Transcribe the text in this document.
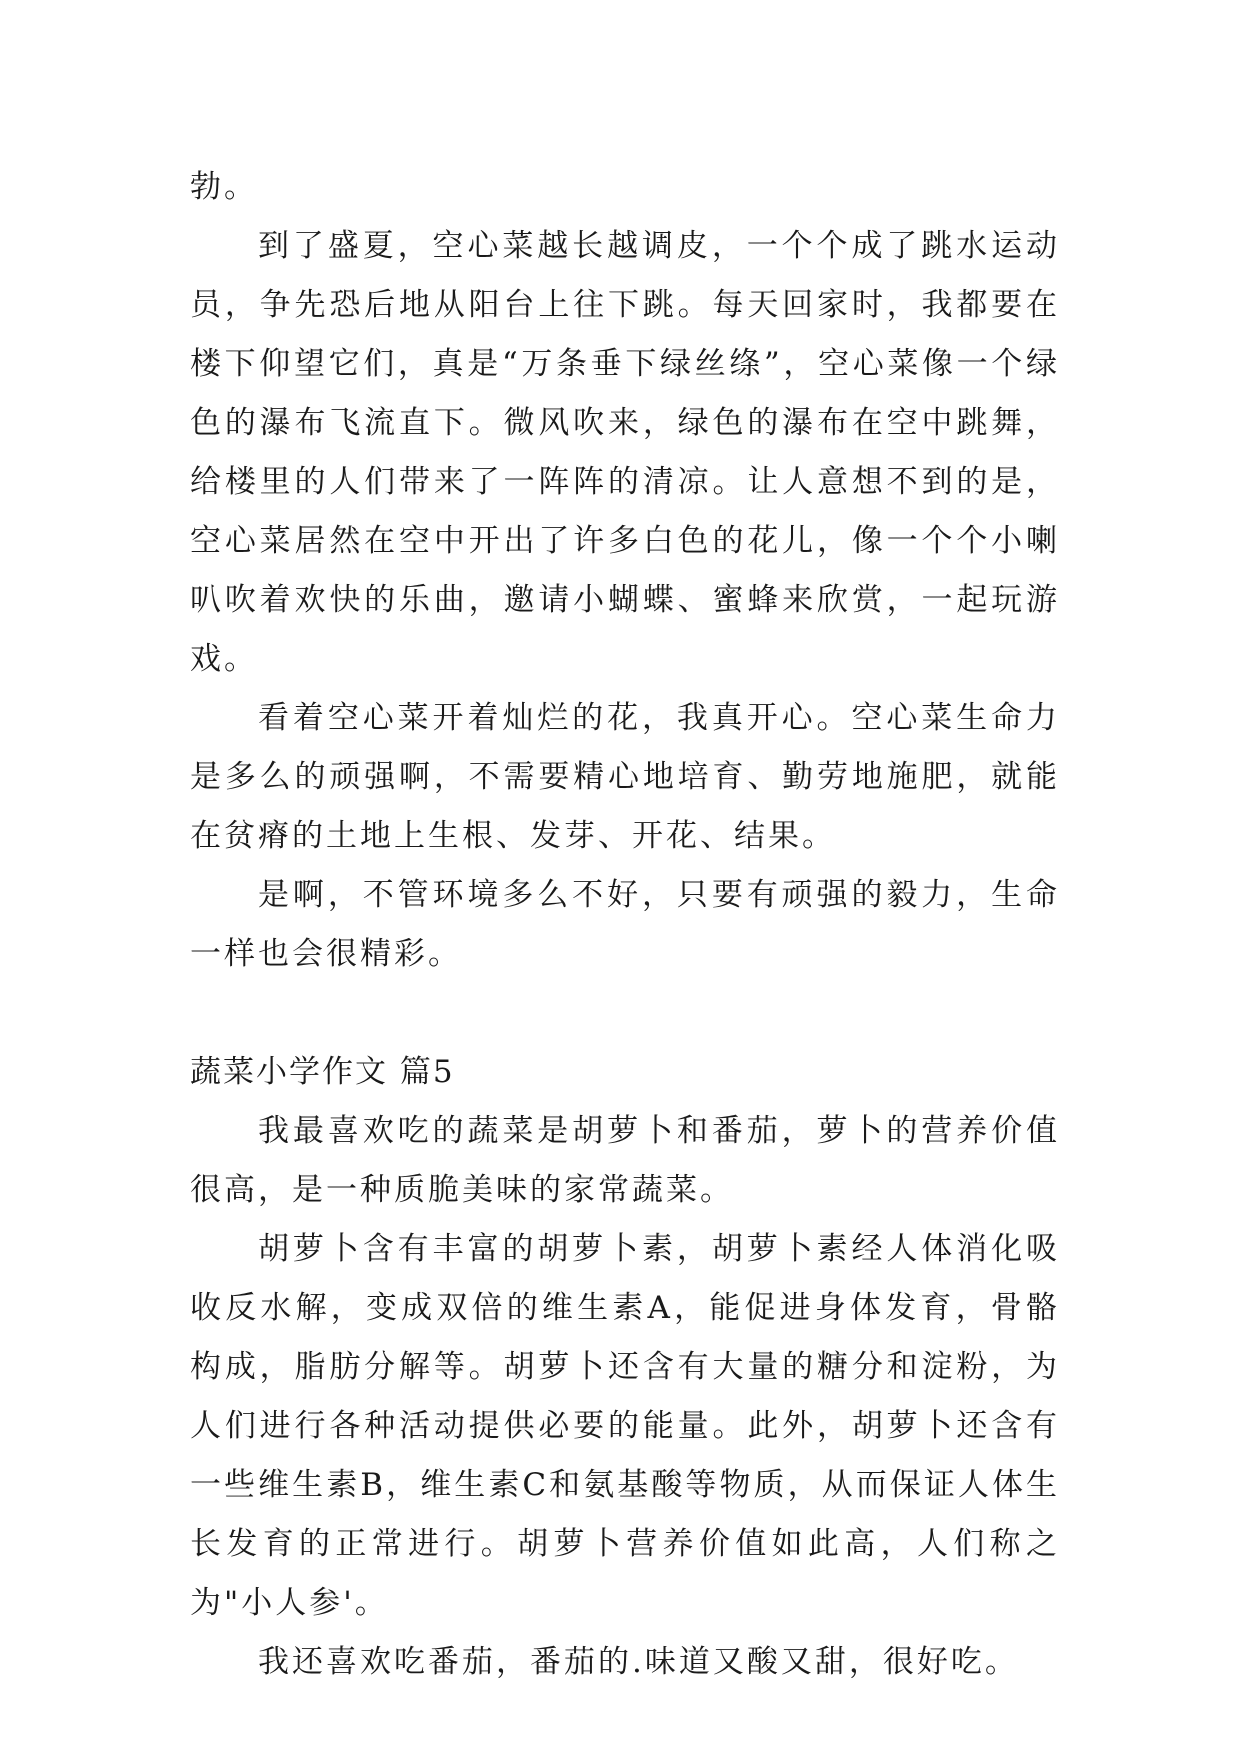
勃。

到了盛夏，空心菜越长越调皮，一个个成了跳水运动员，争先恐后地从阳台上往下跳。每天回家时，我都要在楼下仰望它们，真是“万条垂下绿丝绦”，空心菜像一个绿色的瀑布飞流直下。微风吹来，绿色的瀑布在空中跳舞，给楼里的人们带来了一阵阵的清凉。让人意想不到的是，空心菜居然在空中开出了许多白色的花儿，像一个个小喇叭吹着欢快的乐曲，邀请小蝴蝶、蜜蜂来欣赏，一起玩游戏。

看着空心菜开着灿烂的花，我真开心。空心菜生命力是多么的顽强啊，不需要精心地培育、勤劳地施肥，就能在贫瘠的土地上生根、发芽、开花、结果。

是啊，不管环境多么不好，只要有顽强的毅力，生命一样也会很精彩。

蔬菜小学作文 篇5

我最喜欢吃的蔬菜是胡萝卜和番茄，萝卜的营养价值很高，是一种质脆美味的家常蔬菜。

胡萝卜含有丰富的胡萝卜素，胡萝卜素经人体消化吸收反水解，变成双倍的维生素A，能促进身体发育，骨骼构成，脂肪分解等。胡萝卜还含有大量的糖分和淀粉，为人们进行各种活动提供必要的能量。此外，胡萝卜还含有一些维生素B，维生素C和氨基酸等物质，从而保证人体生长发育的正常进行。胡萝卜营养价值如此高，人们称之为"小人参'。

我还喜欢吃番茄，番茄的.味道又酸又甜，很好吃。
